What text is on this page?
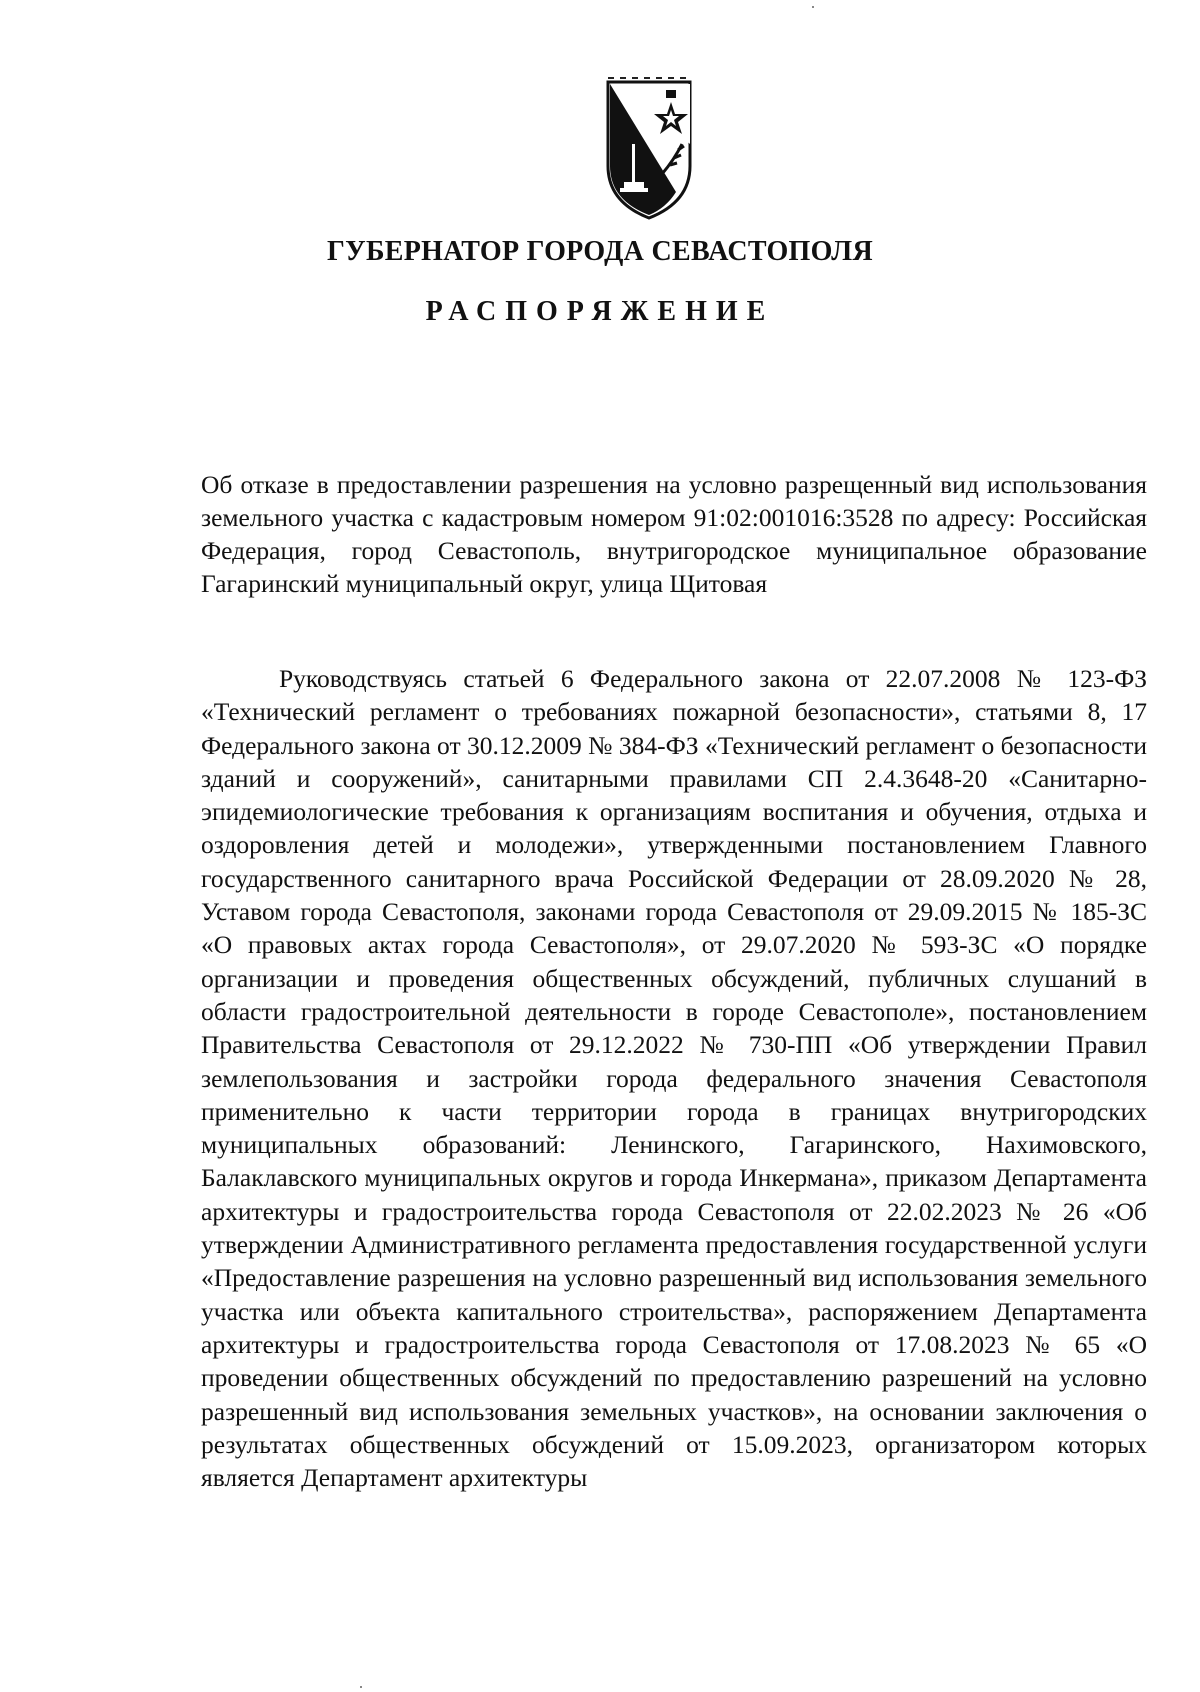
ГУБЕРНАТОР ГОРОДА СЕВАСТОПОЛЯ
РАСПОРЯЖЕНИЕ
Об отказе в предоставлении разрешения на условно разрещенный вид использования земельного участка с кадастровым номером 91:02:001016:3528 по адресу: Российская Федерация, город Севастополь, внутригородское муниципальное образование Гагаринский муниципальный округ, улица Щитовая
Руководствуясь статьей 6 Федерального закона от 22.07.2008 № 123-ФЗ «Технический регламент о требованиях пожарной безопасности», статьями 8, 17 Федерального закона от 30.12.2009 № 384-ФЗ «Технический регламент о безопасности зданий и сооружений», санитарными правилами СП 2.4.3648-20 «Санитарно-эпидемиологические требования к организациям воспитания и обучения, отдыха и оздоровления детей и молодежи», утвержденными постановлением Главного государственного санитарного врача Российской Федерации от 28.09.2020 № 28, Уставом города Севастополя, законами города Севастополя от 29.09.2015 № 185-ЗС «О правовых актах города Севастополя», от 29.07.2020 № 593-ЗС «О порядке организации и проведения общественных обсуждений, публичных слушаний в области градостроительной деятельности в городе Севастополе», постановлением Правительства Севастополя от 29.12.2022 № 730-ПП «Об утверждении Правил землепользования и застройки города федерального значения Севастополя применительно к части территории города в границах внутригородских муниципальных образований: Ленинского, Гагаринского, Нахимовского, Балаклавского муниципальных округов и города Инкермана», приказом Департамента архитектуры и градостроительства города Севастополя от 22.02.2023 № 26 «Об утверждении Административного регламента предоставления государственной услуги «Предоставление разрешения на условно разрешенный вид использования земельного участка или объекта капитального строительства», распоряжением Департамента архитектуры и градостроительства города Севастополя от 17.08.2023 № 65 «О проведении общественных обсуждений по предоставлению разрешений на условно разрешенный вид использования земельных участков», на основании заключения о результатах общественных обсуждений от 15.09.2023, организатором которых является Департамент архитектуры
